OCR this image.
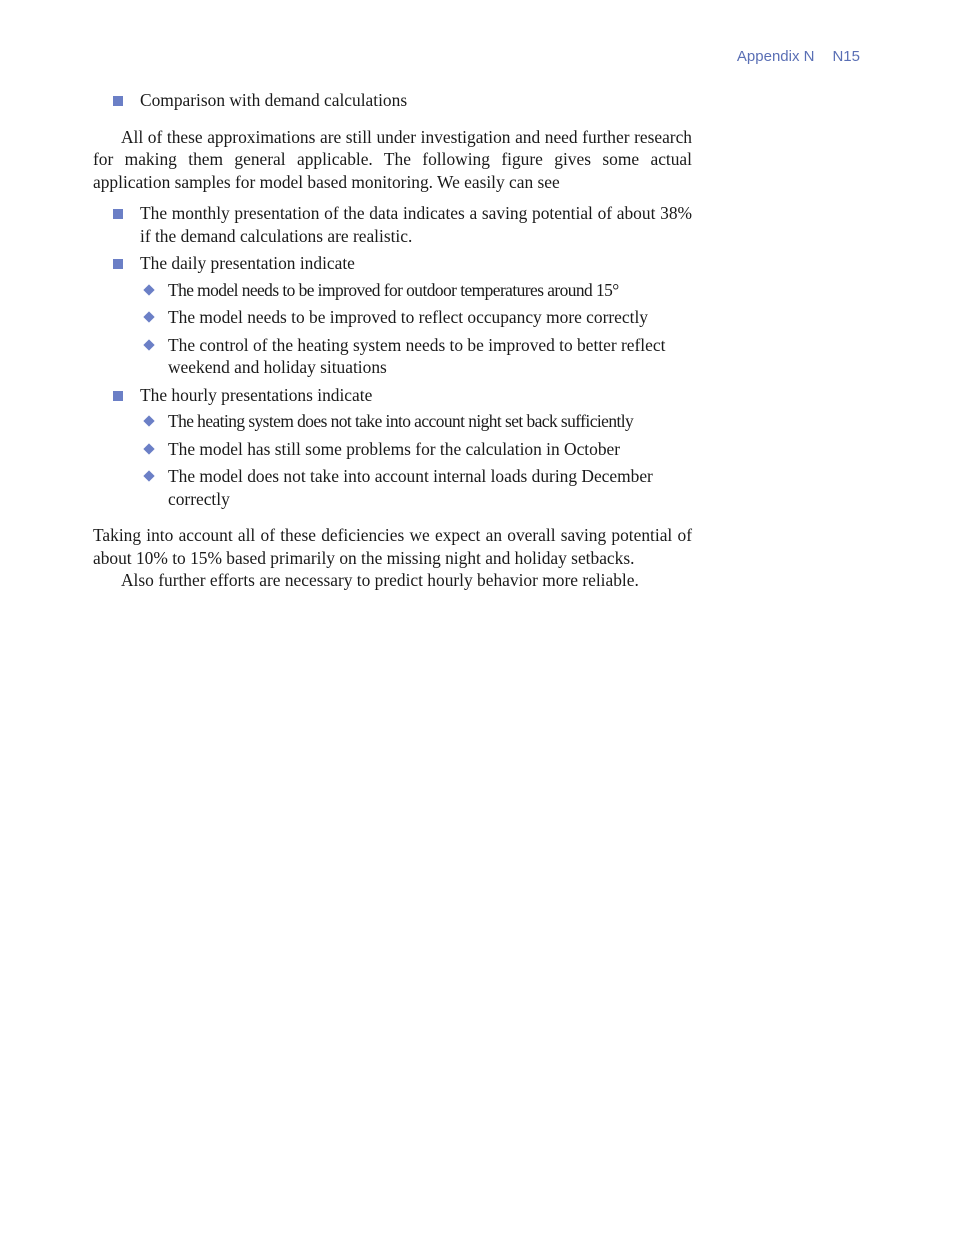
Appendix N N15
Comparison with demand calculations

All of these approximations are still under investigation and need further research for making them general applicable. The following figure gives some actual application samples for model based monitoring. We easily can see

The monthly presentation of the data indicates a saving potential of about 38% if the demand calculations are realistic.
The daily presentation indicate
The model needs to be improved for outdoor temperatures around 15°
The model needs to be improved to reflect occupancy more correctly
The control of the heating system needs to be improved to better reflect weekend and holiday situations
The hourly presentations indicate
The heating system does not take into account night set back sufficiently
The model has still some problems for the calculation in October
The model does not take into account internal loads during December correctly

Taking into account all of these deficiencies we expect an overall saving potential of about 10% to 15% based primarily on the missing night and holiday setbacks.

Also further efforts are necessary to predict hourly behavior more reliable.
